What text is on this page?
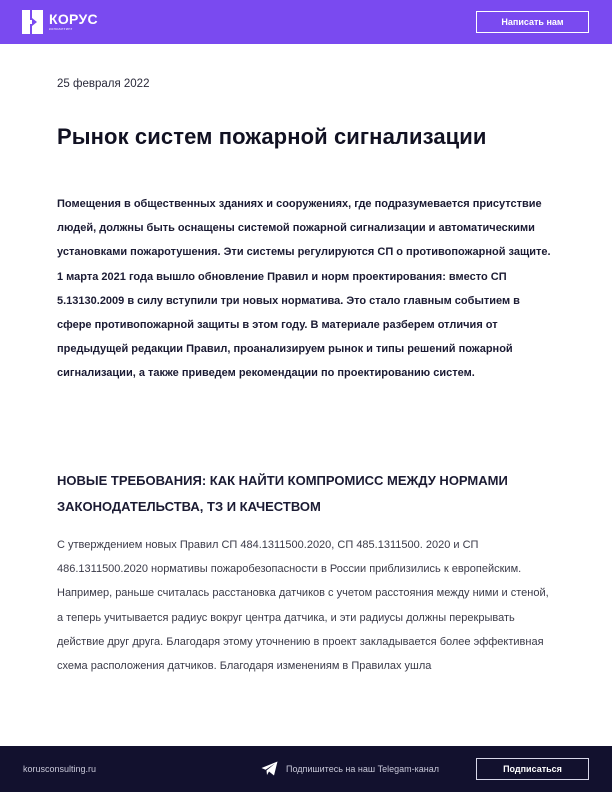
КОРУС
консалтинг
Написать нам
25 февраля 2022
Рынок систем пожарной сигнализации

Помещения в общественных зданиях и сооружениях, где подразумевается присутствие людей, должны быть оснащены системой пожарной сигнализации и автоматическими установками пожаротушения. Эти системы регулируются СП о противопожарной защите. 1 марта 2021 года вышло обновление Правил и норм проектирования: вместо СП 5.13130.2009 в силу вступили три новых норматива. Это стало главным событием в сфере противопожарной защиты в этом году. В материале разберем отличия от предыдущей редакции Правил, проанализируем рынок и типы решений пожарной сигнализации, а также приведем рекомендации по проектированию систем.

НОВЫЕ ТРЕБОВАНИЯ: КАК НАЙТИ КОМПРОМИСС МЕЖДУ НОРМАМИ ЗАКОНОДАТЕЛЬСТВА, ТЗ И КАЧЕСТВОМ

С утверждением новых Правил СП 484.1311500.2020, СП 485.1311500. 2020 и СП 486.1311500.2020 нормативы пожаробезопасности в России приблизились к европейским. Например, раньше считалась расстановка датчиков с учетом расстояния между ними и стеной, а теперь учитывается радиус вокруг центра датчика, и эти радиусы должны перекрывать действие друг друга. Благодаря этому уточнению в проект закладывается более эффективная схема расположения датчиков. Благодаря изменениям в Правилах ушла

korusconsulting.ru	Подпишитесь на наш Telegam-канал	Подписаться
